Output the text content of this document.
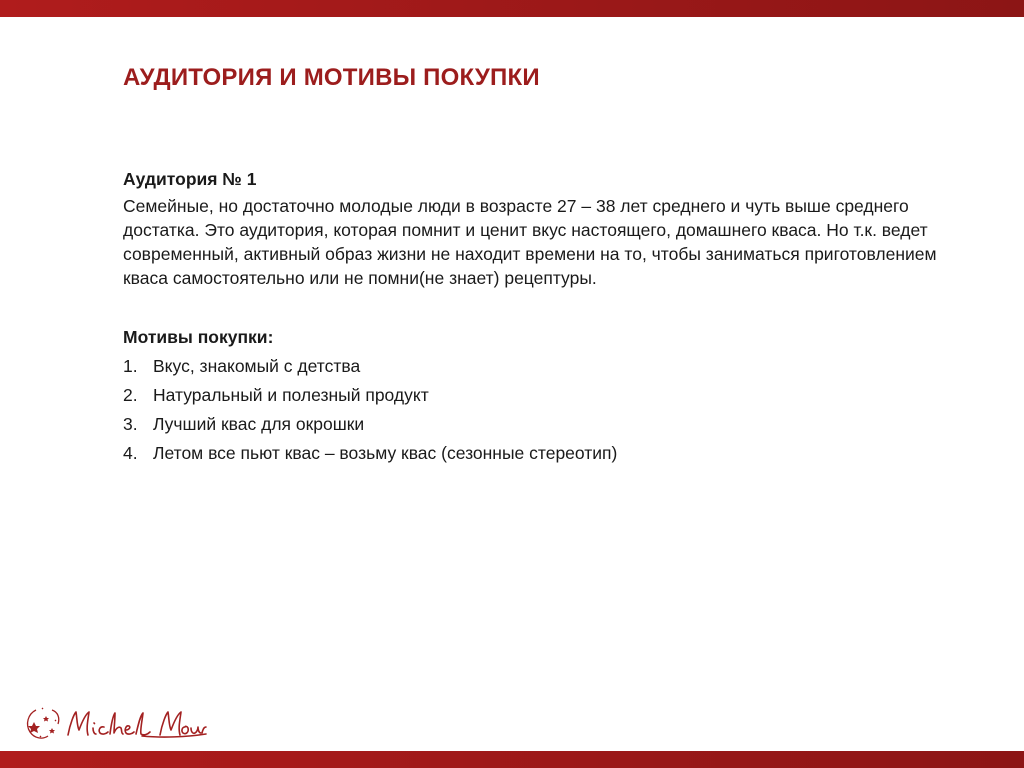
АУДИТОРИЯ И МОТИВЫ ПОКУПКИ

Аудитория № 1

Семейные, но достаточно молодые люди в возрасте 27 – 38 лет среднего и чуть выше среднего достатка. Это аудитория, которая помнит и ценит вкус настоящего, домашнего кваса. Но т.к. ведет современный, активный образ жизни не находит времени на то, чтобы заниматься приготовлением кваса самостоятельно или не помни(не знает) рецептуры.

Мотивы покупки:

1. Вкус, знакомый с детства
2. Натуральный и полезный продукт
3. Лучший квас для окрошки
4. Летом все пьют квас – возьму квас (сезонные стереотип)
